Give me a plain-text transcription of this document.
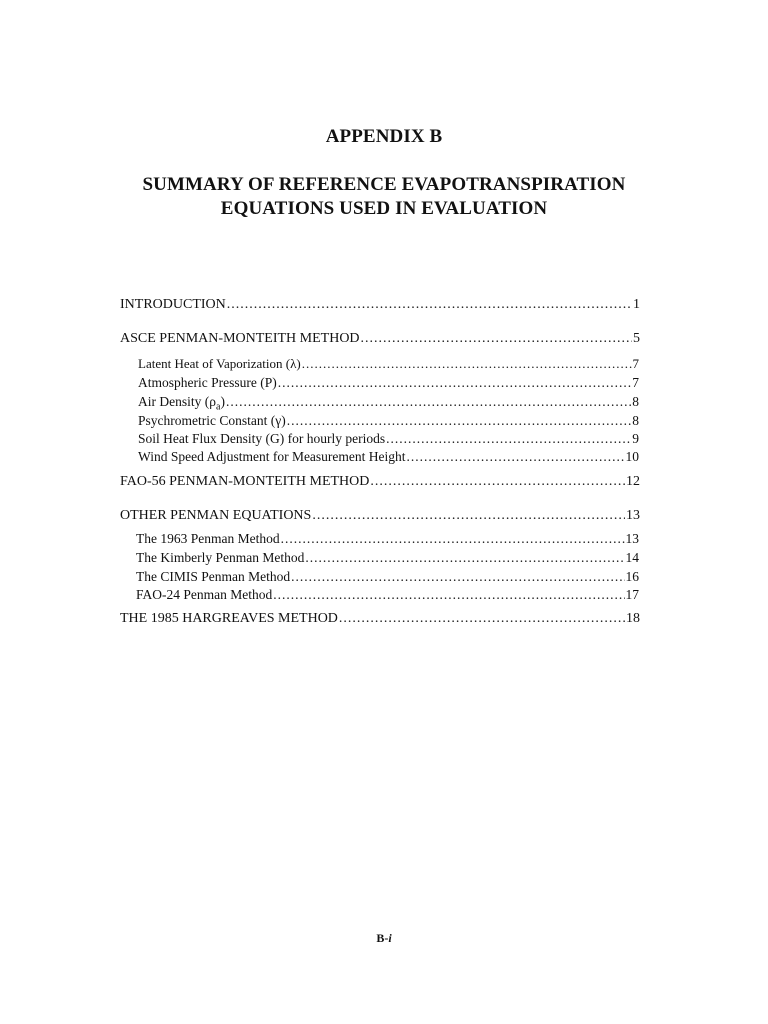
APPENDIX B
SUMMARY OF REFERENCE EVAPOTRANSPIRATION
EQUATIONS USED IN EVALUATION
INTRODUCTION .....	1
ASCE PENMAN-MONTEITH METHOD .....	5
Latent Heat of Vaporization (λ) .....	7
Atmospheric Pressure (P) .....	7
Air Density $(\rho_a)$ .....	8
Psychrometric Constant (γ) .....	8
Soil Heat Flux Density (G) for hourly periods .....	9
Wind Speed Adjustment for Measurement Height .....	10
FAO-56 PENMAN-MONTEITH METHOD .....	12
OTHER PENMAN EQUATIONS .....	13
The 1963 Penman Method .....	13
The Kimberly Penman Method .....	14
The CIMIS Penman Method .....	16
FAO-24 Penman Method .....	17
THE 1985 HARGREAVES METHOD .....	18
B-i
